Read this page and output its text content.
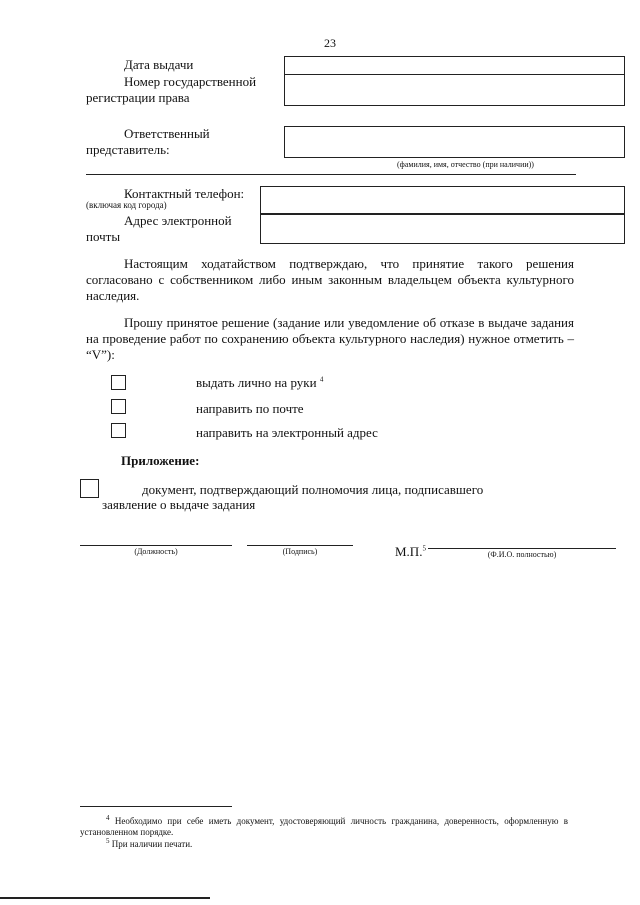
23
Дата выдачи
Номер государственной
регистрации права
Ответственный
представитель:
(фамилия, имя, отчество (при наличии))
Контактный телефон:
(включая код города)
Адрес электронной
почты
Настоящим ходатайством подтверждаю, что принятие такого решения согласовано с собственником либо иным законным владельцем объекта культурного наследия.
Прошу принятое решение (задание или уведомление об отказе в выдаче задания на проведение работ по сохранению объекта культурного наследия) нужное отметить – “V”):
выдать лично на руки $^4$
направить по почте
направить на электронный адрес
Приложение:
документ, подтверждающий полномочия лица, подписавшего
заявление о выдаче задания
(Должность)	(Подпись)	М.П.$^5$
(Ф.И.О. полностью)
$^4$ Необходимо при себе иметь документ, удостоверяющий личность гражданина, доверенность, оформленную в установленном порядке.
$^5$ При наличии печати.
